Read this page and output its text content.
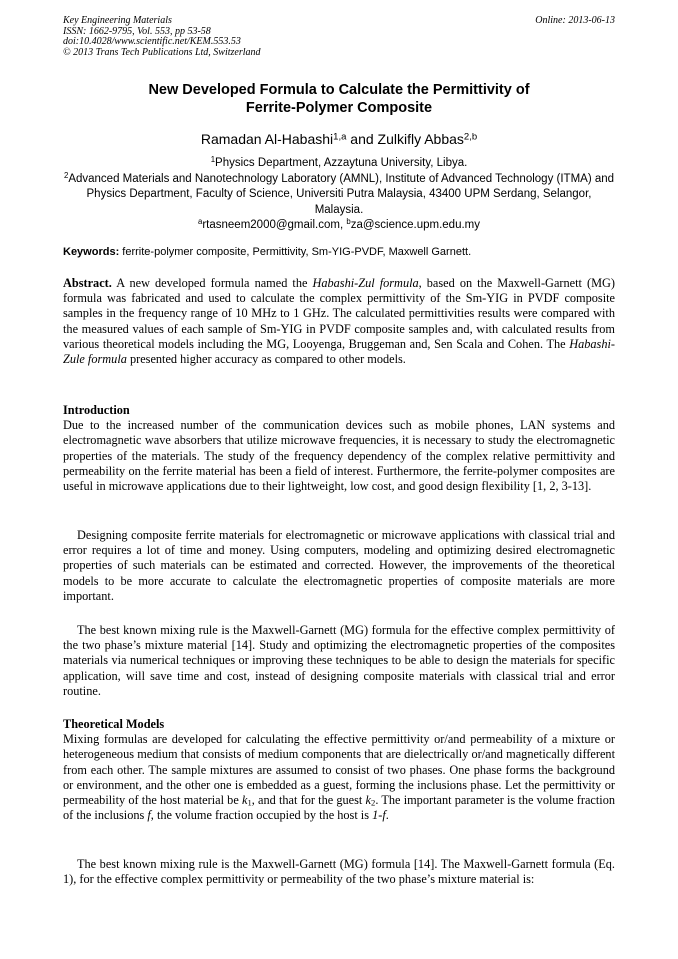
Key Engineering Materials
ISSN: 1662-9795, Vol. 553, pp 53-58
doi:10.4028/www.scientific.net/KEM.553.53
© 2013 Trans Tech Publications Ltd, Switzerland
Online: 2013-06-13
New Developed Formula to Calculate the Permittivity of
Ferrite-Polymer Composite
Ramadan Al-Habashi$^{1,a}$ and Zulkifly Abbas$^{2,b}$
$^1$Physics Department, Azzaytuna University, Libya.
$^2$Advanced Materials and Nanotechnology Laboratory (AMNL), Institute of Advanced Technology (ITMA) and Physics Department, Faculty of Science, Universiti Putra Malaysia, 43400 UPM Serdang, Selangor, Malaysia.
$^a$rtasneem2000@gmail.com, $^b$za@science.upm.edu.my
Keywords: ferrite-polymer composite, Permittivity, Sm-YIG-PVDF, Maxwell Garnett.

Abstract. A new developed formula named the Habashi-Zul formula, based on the Maxwell-Garnett (MG) formula was fabricated and used to calculate the complex permittivity of the Sm-YIG in PVDF composite samples in the frequency range of 10 MHz to 1 GHz. The calculated permittivities results were compared with the measured values of each sample of Sm-YIG in PVDF composite samples and, with calculated results from various theoretical models including the MG, Looyenga, Bruggeman and, Sen Scala and Cohen. The Habashi-Zule formula presented higher accuracy as compared to other models.

Introduction

Due to the increased number of the communication devices such as mobile phones, LAN systems and electromagnetic wave absorbers that utilize microwave frequencies, it is necessary to study the electromagnetic properties of the materials. The study of the frequency dependency of the complex relative permittivity and permeability on the ferrite material has been a field of interest. Furthermore, the ferrite-polymer composites are useful in microwave applications due to their lightweight, low cost, and good design flexibility [1, 2, 3-13].

Designing composite ferrite materials for electromagnetic or microwave applications with classical trial and error requires a lot of time and money. Using computers, modeling and optimizing desired electromagnetic properties of such materials can be estimated and corrected. However, the improvements of the theoretical models to be more accurate to calculate the electromagnetic properties of composite materials are more important.

The best known mixing rule is the Maxwell-Garnett (MG) formula for the effective complex permittivity of the two phase’s mixture material [14]. Study and optimizing the electromagnetic properties of the composites materials via numerical techniques or improving these techniques to be able to design the materials for specific application, will save time and cost, instead of designing composite materials with classical trial and error routine.

Theoretical Models

Mixing formulas are developed for calculating the effective permittivity or/and permeability of a mixture or heterogeneous medium that consists of medium components that are dielectrically or/and magnetically different from each other. The sample mixtures are assumed to consist of two phases. One phase forms the background or environment, and the other one is embedded as a guest, forming the inclusions phase. Let the permittivity or permeability of the host material be $k_1$, and that for the guest $k_2$. The important parameter is the volume fraction of the inclusions f, the volume fraction occupied by the host is 1-f.

The best known mixing rule is the Maxwell-Garnett (MG) formula [14]. The Maxwell-Garnett formula (Eq. 1), for the effective complex permittivity or permeability of the two phase’s mixture material is:
